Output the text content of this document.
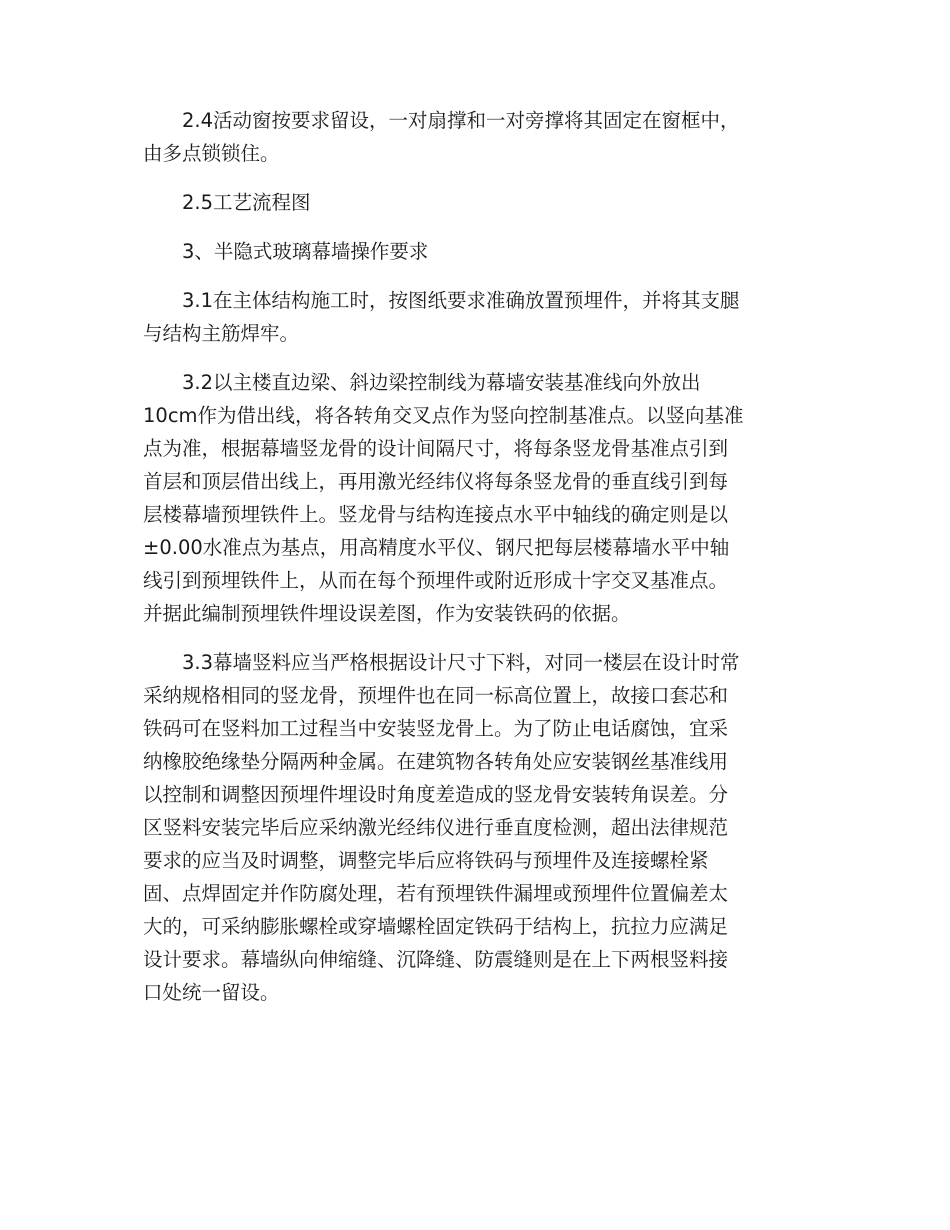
2.4活动窗按要求留设，一对扇撑和一对旁撑将其固定在窗框中，
由多点锁锁住。
2.5工艺流程图
3、半隐式玻璃幕墙操作要求
3.1在主体结构施工时，按图纸要求准确放置预埋件，并将其支腿
与结构主筋焊牢。
3.2以主楼直边梁、斜边梁控制线为幕墙安装基准线向外放出
10cm作为借出线，将各转角交叉点作为竖向控制基准点。以竖向基准
点为准，根据幕墙竖龙骨的设计间隔尺寸，将每条竖龙骨基准点引到
首层和顶层借出线上，再用激光经纬仪将每条竖龙骨的垂直线引到每
层楼幕墙预埋铁件上。竖龙骨与结构连接点水平中轴线的确定则是以
±0.00水准点为基点，用高精度水平仪、钢尺把每层楼幕墙水平中轴
线引到预埋铁件上，从而在每个预埋件或附近形成十字交叉基准点。
并据此编制预埋铁件埋设误差图，作为安装铁码的依据。
3.3幕墙竖料应当严格根据设计尺寸下料，对同一楼层在设计时常
采纳规格相同的竖龙骨，预埋件也在同一标高位置上，故接口套芯和
铁码可在竖料加工过程当中安装竖龙骨上。为了防止电话腐蚀，宜采
纳橡胶绝缘垫分隔两种金属。在建筑物各转角处应安装钢丝基准线用
以控制和调整因预埋件埋设时角度差造成的竖龙骨安装转角误差。分
区竖料安装完毕后应采纳激光经纬仪进行垂直度检测，超出法律规范
要求的应当及时调整，调整完毕后应将铁码与预埋件及连接螺栓紧
固、点焊固定并作防腐处理，若有预埋铁件漏埋或预埋件位置偏差太
大的，可采纳膨胀螺栓或穿墙螺栓固定铁码于结构上，抗拉力应满足
设计要求。幕墙纵向伸缩缝、沉降缝、防震缝则是在上下两根竖料接
口处统一留设。
